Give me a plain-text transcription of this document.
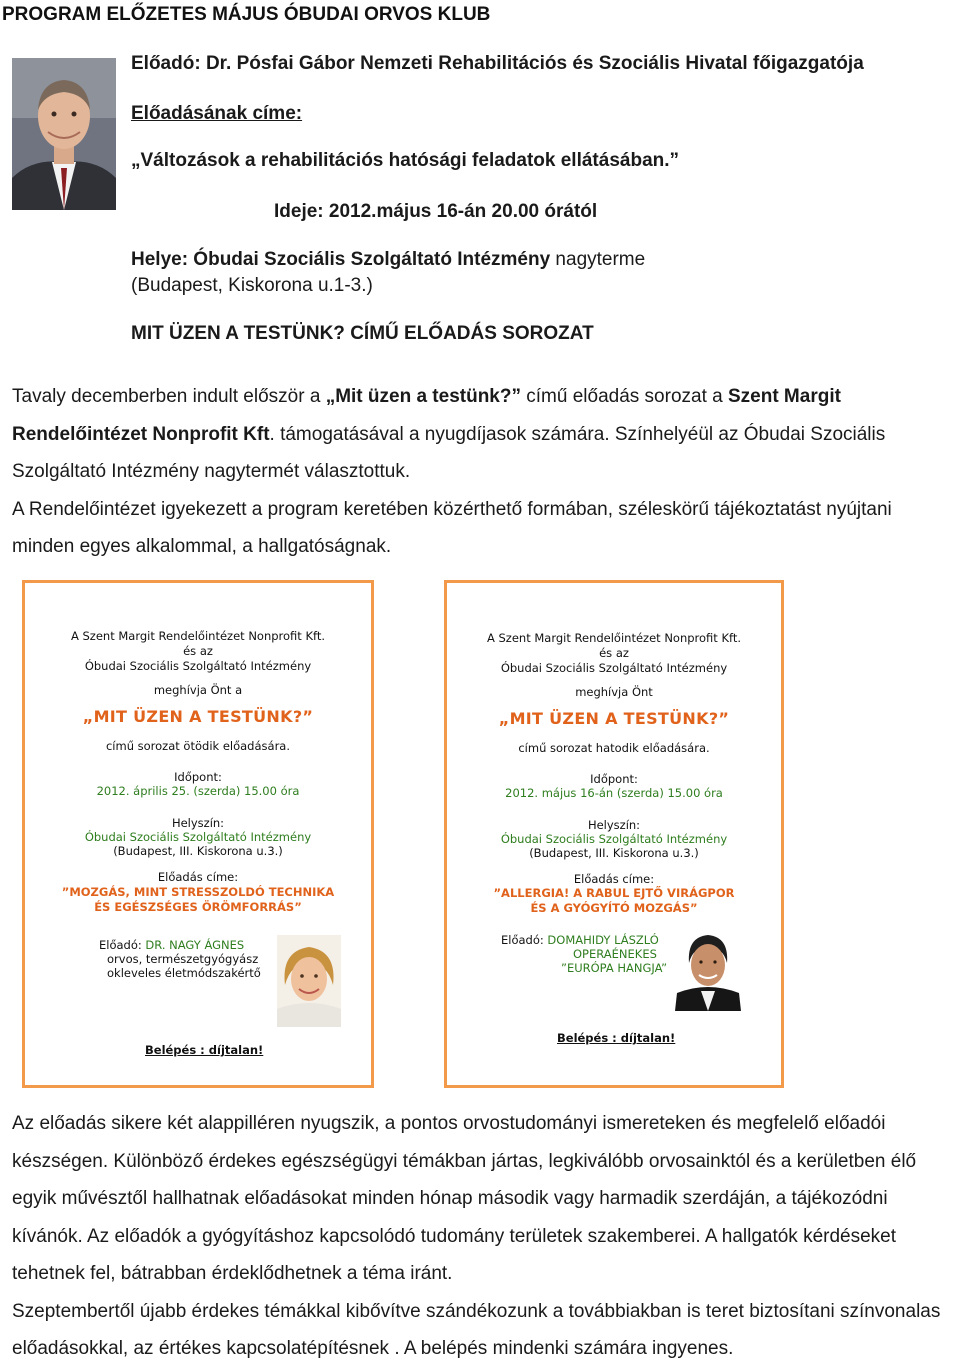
PROGRAM ELŐZETES MÁJUS ÓBUDAI ORVOS KLUB
Előadó: Dr. Pósfai Gábor Nemzeti Rehabilitációs és Szociális Hivatal főigazgatója
Előadásának címe:
„Változások a rehabilitációs hatósági feladatok ellátásában.”
Ideje: 2012.május 16-án 20.00 órától
Helye: Óbudai Szociális Szolgáltató Intézmény nagyterme
(Budapest, Kiskorona u.1-3.)
MIT ÜZEN A TESTÜNK? CÍMŰ ELŐADÁS SOROZAT

Tavaly decemberben indult először a „Mit üzen a testünk?” című előadás sorozat a Szent Margit Rendelőintézet Nonprofit Kft. támogatásával a nyugdíjasok számára. Színhelyéül az Óbudai Szociális Szolgáltató Intézmény nagytermét választottuk.

A Rendelőintézet igyekezett a program keretében közérthető formában, széleskörű tájékoztatást nyújtani minden egyes alkalommal, a hallgatóságnak.

A Szent Margit Rendelőintézet Nonprofit Kft.
és az
Óbudai Szociális Szolgáltató Intézmény
meghívja Önt a
„MIT ÜZEN A TESTÜNK?”
című sorozat ötödik előadására.
Időpont:
2012. április 25. (szerda) 15.00 óra
Helyszín:
Óbudai Szociális Szolgáltató Intézmény
(Budapest, III. Kiskorona u.3.)
Előadás címe:
”MOZGÁS, MINT STRESSZOLDÓ TECHNIKA
ÉS EGÉSZSÉGES ÖRÖMFORRÁS”
Előadó: DR. NAGY ÁGNES
orvos, természetgyógyász
okleveles életmódszakértő
Belépés : díjtalan!
A Szent Margit Rendelőintézet Nonprofit Kft.
és az
Óbudai Szociális Szolgáltató Intézmény
meghívja Önt
„MIT ÜZEN A TESTÜNK?”
című sorozat hatodik előadására.
Időpont:
2012. május 16-án (szerda) 15.00 óra
Helyszín:
Óbudai Szociális Szolgáltató Intézmény
(Budapest, III. Kiskorona u.3.)
Előadás címe:
”ALLERGIA! A RABUL EJTŐ VIRÁGPOR
ÉS A GYÓGYÍTÓ MOZGÁS”
Előadó: DOMAHIDY LÁSZLÓ
OPERAÉNEKES
”EURÓPA HANGJA”
Belépés : díjtalan!

Az előadás sikere két alappilléren nyugszik, a pontos orvostudományi ismereteken és megfelelő előadói készségen. Különböző érdekes egészségügyi témákban jártas, legkiválóbb orvosainktól és a kerületben élő egyik művésztől hallhatnak előadásokat minden hónap második vagy harmadik szerdáján, a tájékozódni kívánók. Az előadók a gyógyításhoz kapcsolódó tudomány területek szakemberei. A hallgatók kérdéseket tehetnek fel, bátrabban érdeklődhetnek a téma iránt.

Szeptembertől újabb érdekes témákkal kibővítve szándékozunk a továbbiakban is teret biztosítani színvonalas előadásokkal, az értékes kapcsolatépítésnek . A belépés mindenki számára ingyenes.
